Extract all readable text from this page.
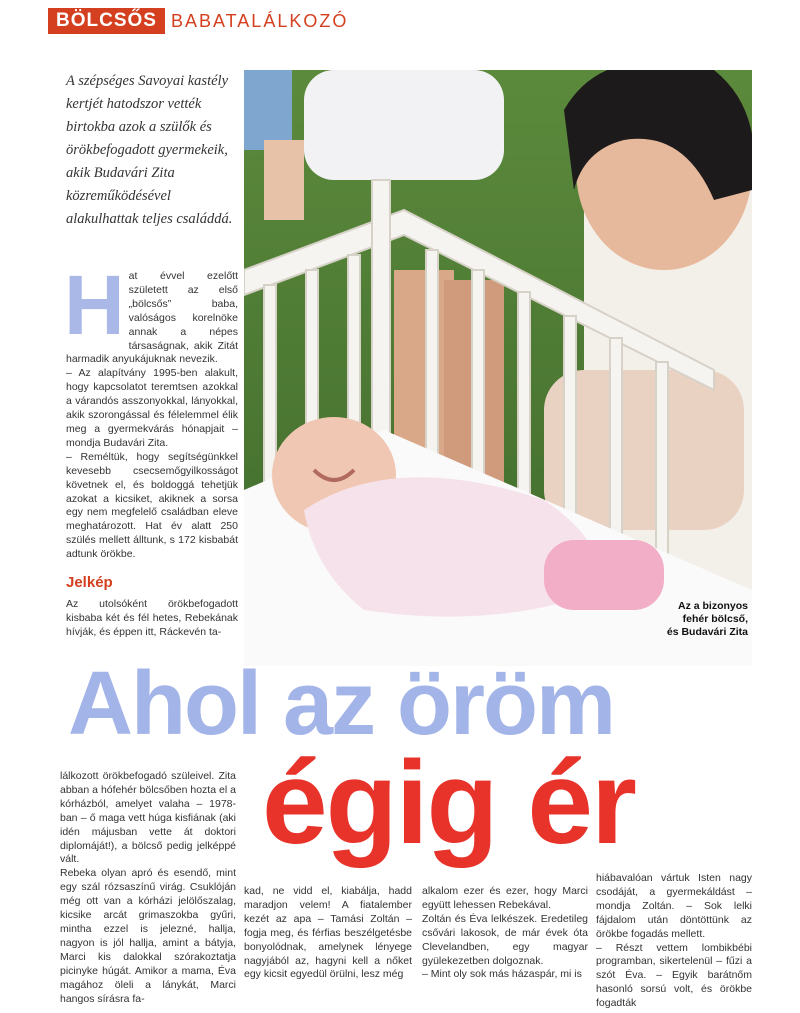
BÖLCSŐS BABATALÁLKOZÓ
A szépséges Savoyai kastély kertjét hatodszor vették birtokba azok a szülők és örökbefogadott gyermekeik, akik Budavári Zita közreműködésével alakulhattak teljes családdá.
Az a bizonyos
fehér bölcső,
és Budavári Zita
H at évvel ezelőtt született az első „bölcsős” baba, valóságos korelnöke annak a népes társaságnak, akik Zitát harmadik anyukájuknak nevezik.

– Az alapítvány 1995-ben alakult, hogy kapcsolatot teremtsen azokkal a várandós asszonyokkal, lányokkal, akik szorongással és félelemmel élik meg a gyermekvárás hónapjait – mondja Budavári Zita.

– Reméltük, hogy segítségünkkel kevesebb csecsemőgyilkosságot követnek el, és boldoggá tehetjük azokat a kicsiket, akiknek a sorsa egy nem megfelelő családban eleve meghatározott. Hat év alatt 250 szülés mellett álltunk, s 172 kisbabát adtunk örökbe.

Jelkép

Az utolsóként örökbefogadott kisbaba két és fél hetes, Rebekának hívják, és éppen itt, Ráckevén ta-

Ahol az öröm
égig ér

lálkozott örökbefogadó szüleivel. Zita abban a hófehér bölcsőben hozta el a kórházból, amelyet valaha – 1978-ban – ő maga vett húga kisfiának (aki idén májusban vette át doktori diplomáját!), a bölcső pedig jelképpé vált.

Rebeka olyan apró és esendő, mint egy szál rózsaszínű virág. Csuklóján még ott van a kórházi jelölőszalag, kicsike arcát grimaszokba gyűri, mintha ezzel is jelezné, hallja, nagyon is jól hallja, amint a bátyja, Marci kis dalokkal szórakoztatja picinyke húgát. Amikor a mama, Éva magához öleli a lánykát, Marci hangos sírásra fa-

kad, ne vidd el, kiabálja, hadd maradjon velem! A fiatalember kezét az apa – Tamási Zoltán – fogja meg, és férfias beszélgetésbe bonyolódnak, amelynek lényege nagyjából az, hagyni kell a nőket egy kicsit egyedül örülni, lesz még

alkalom ezer és ezer, hogy Marci együtt lehessen Rebekával.

Zoltán és Éva lelkészek. Eredetileg csővári lakosok, de már évek óta Clevelandben, egy magyar gyülekezetben dolgoznak.

– Mint oly sok más házaspár, mi is

hiábavalóan vártuk Isten nagy csodáját, a gyermekáldást – mondja Zoltán. – Sok lelki fájdalom után döntöttünk az örökbe fogadás mellett.

– Részt vettem lombikbébi programban, sikertelenül – fűzi a szót Éva. – Egyik barátnőm hasonló sorsú volt, és örökbe fogadták
